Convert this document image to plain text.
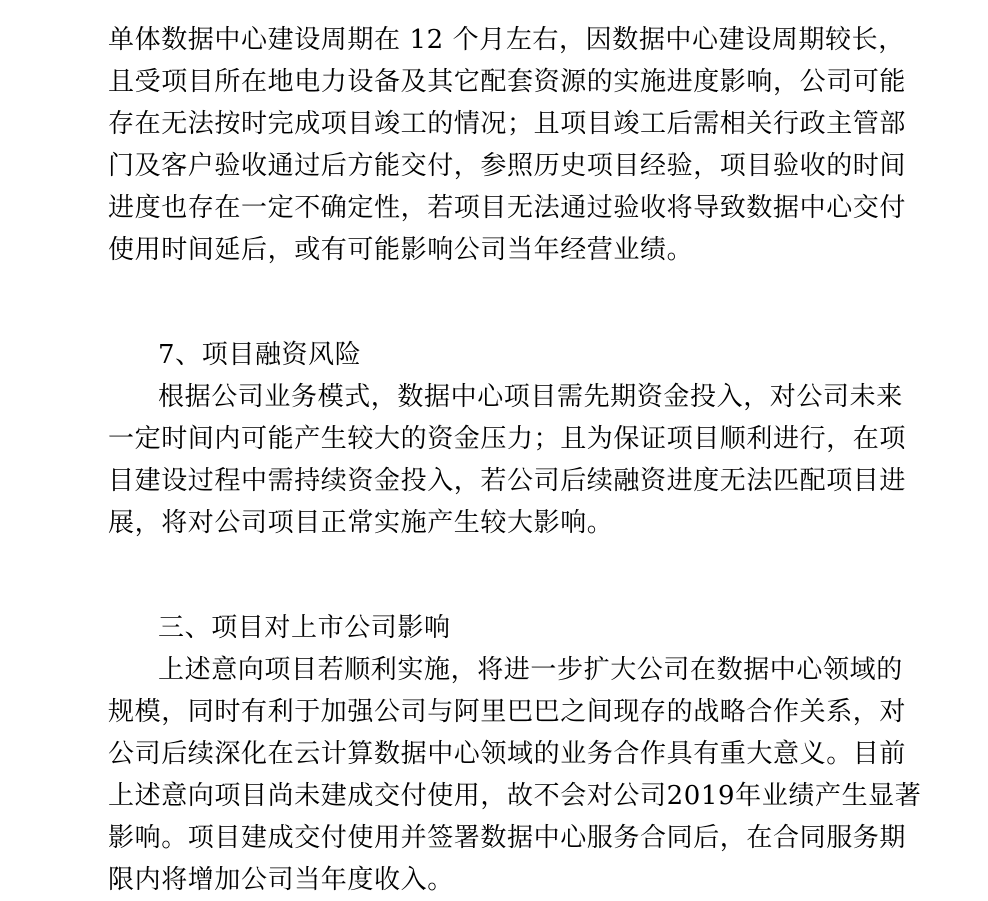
单体数据中心建设周期在 12 个月左右，因数据中心建设周期较长，
且受项目所在地电力设备及其它配套资源的实施进度影响，公司可能
存在无法按时完成项目竣工的情况；且项目竣工后需相关行政主管部
门及客户验收通过后方能交付，参照历史项目经验，项目验收的时间
进度也存在一定不确定性，若项目无法通过验收将导致数据中心交付
使用时间延后，或有可能影响公司当年经营业绩。
7、项目融资风险
根据公司业务模式，数据中心项目需先期资金投入，对公司未来
一定时间内可能产生较大的资金压力；且为保证项目顺利进行，在项
目建设过程中需持续资金投入，若公司后续融资进度无法匹配项目进
展，将对公司项目正常实施产生较大影响。
三、项目对上市公司影响
上述意向项目若顺利实施，将进一步扩大公司在数据中心领域的
规模，同时有利于加强公司与阿里巴巴之间现存的战略合作关系，对
公司后续深化在云计算数据中心领域的业务合作具有重大意义。目前
上述意向项目尚未建成交付使用，故不会对公司2019年业绩产生显著
影响。项目建成交付使用并签署数据中心服务合同后，在合同服务期
限内将增加公司当年度收入。
